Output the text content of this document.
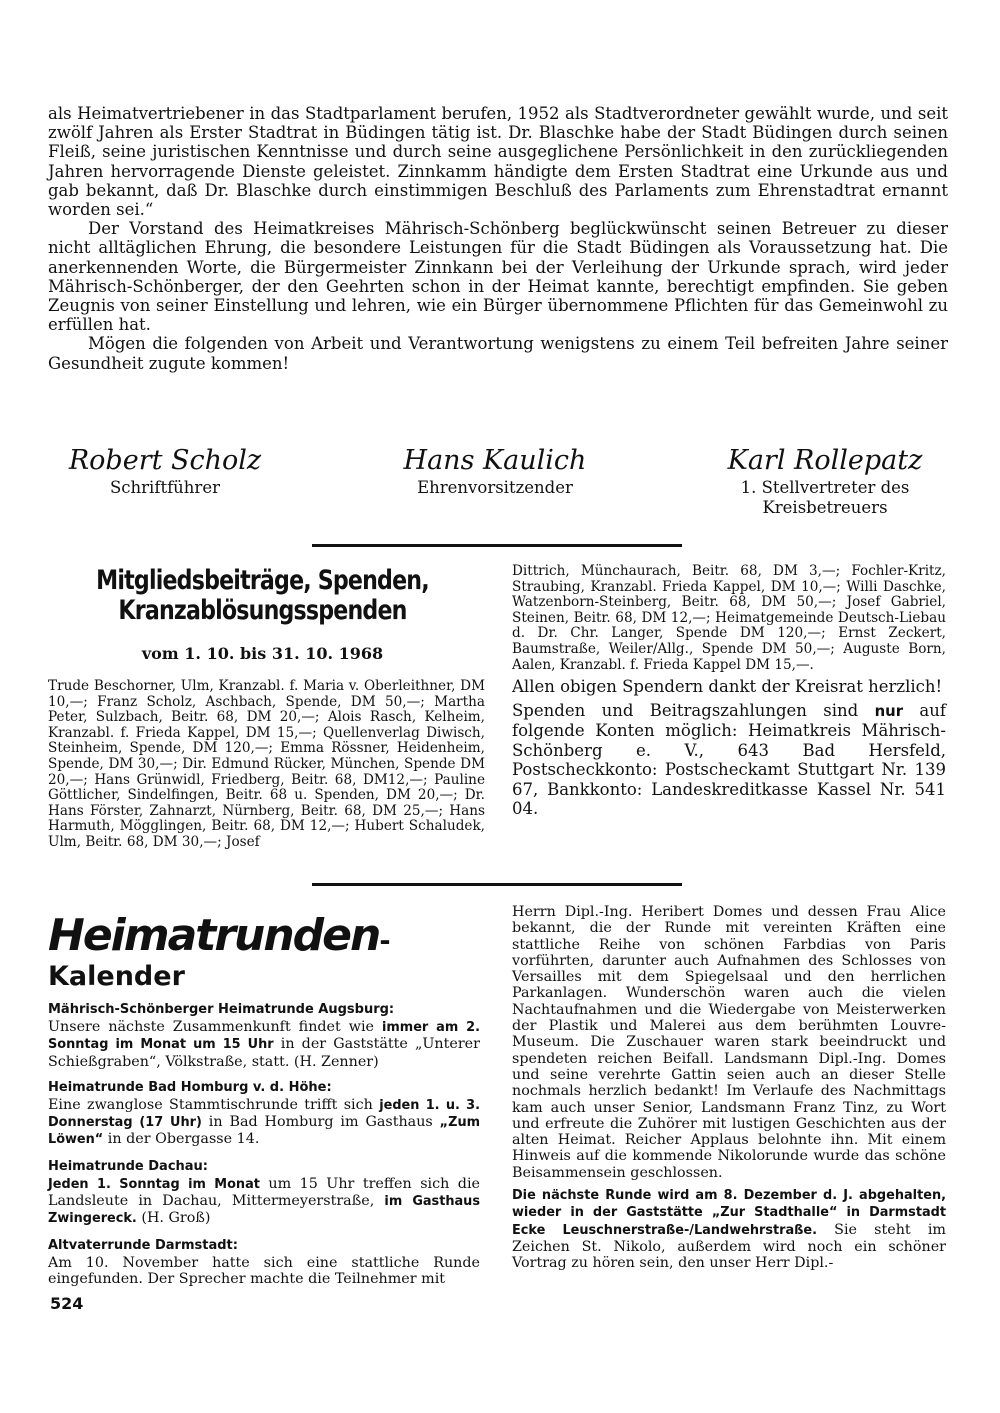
als Heimatvertriebener in das Stadtparlament berufen, 1952 als Stadtverordneter gewählt wurde, und seit zwölf Jahren als Erster Stadtrat in Büdingen tätig ist. Dr. Blaschke habe der Stadt Büdingen durch seinen Fleiß, seine juristischen Kenntnisse und durch seine ausgeglichene Persönlichkeit in den zurückliegenden Jahren hervorragende Dienste geleistet. Zinnkamm händigte dem Ersten Stadtrat eine Urkunde aus und gab bekannt, daß Dr. Blaschke durch einstimmigen Beschluß des Parlaments zum Ehrenstadtrat ernannt worden sei.“

Der Vorstand des Heimatkreises Mährisch-Schönberg beglückwünscht seinen Betreuer zu dieser nicht alltäglichen Ehrung, die besondere Leistungen für die Stadt Büdingen als Voraussetzung hat. Die anerkennenden Worte, die Bürgermeister Zinnkann bei der Verleihung der Urkunde sprach, wird jeder Mährisch-Schönberger, der den Geehrten schon in der Heimat kannte, berechtigt empfinden. Sie geben Zeugnis von seiner Einstellung und lehren, wie ein Bürger übernommene Pflichten für das Gemeinwohl zu erfüllen hat.

Mögen die folgenden von Arbeit und Verantwortung wenigstens zu einem Teil befreiten Jahre seiner Gesundheit zugute kommen!

Robert Scholz
Schriftführer
Hans Kaulich
Ehrenvorsitzender
Karl Rollepatz
1. Stellvertreter des Kreisbetreuers
Mitgliedsbeiträge, Spenden, Kranzablösungsspenden
vom 1. 10. bis 31. 10. 1968

Trude Beschorner, Ulm, Kranzabl. f. Maria v. Oberleithner, DM 10,—; Franz Scholz, Aschbach, Spende, DM 50,—; Martha Peter, Sulzbach, Beitr. 68, DM 20,—; Alois Rasch, Kelheim, Kranzabl. f. Frieda Kappel, DM 15,—; Quellenverlag Diwisch, Steinheim, Spende, DM 120,—; Emma Rössner, Heidenheim, Spende, DM 30,—; Dir. Edmund Rücker, München, Spende DM 20,—; Hans Grünwidl, Friedberg, Beitr. 68, DM12,—; Pauline Göttlicher, Sindelfingen, Beitr. 68 u. Spenden, DM 20,—; Dr. Hans Förster, Zahnarzt, Nürnberg, Beitr. 68, DM 25,—; Hans Harmuth, Mögglingen, Beitr. 68, DM 12,—; Hubert Schaludek, Ulm, Beitr. 68, DM 30,—; Josef

Dittrich, Münchaurach, Beitr. 68, DM 3,—; Fochler-Kritz, Straubing, Kranzabl. Frieda Kappel, DM 10,—; Willi Daschke, Watzenborn-Steinberg, Beitr. 68, DM 50,—; Josef Gabriel, Steinen, Beitr. 68, DM 12,—; Heimatgemeinde Deutsch-Liebau d. Dr. Chr. Langer, Spende DM 120,—; Ernst Zeckert, Baumstraße, Weiler/Allg., Spende DM 50,—; Auguste Born, Aalen, Kranzabl. f. Frieda Kappel DM 15,—.

Allen obigen Spendern dankt der Kreisrat herzlich!

Spenden und Beitragszahlungen sind nur auf folgende Konten möglich: Heimatkreis Mährisch-Schönberg e. V., 643 Bad Hersfeld, Postscheckkonto: Postscheckamt Stuttgart Nr. 139 67, Bankkonto: Landeskreditkasse Kassel Nr. 541 04.

Heimatrunden-Kalender
Mährisch-Schönberger Heimatrunde Augsburg:

Unsere nächste Zusammenkunft findet wie immer am 2. Sonntag im Monat um 15 Uhr in der Gaststätte „Unterer Schießgraben“, Völkstraße, statt. (H. Zenner)

Heimatrunde Bad Homburg v. d. Höhe:

Eine zwanglose Stammtischrunde trifft sich jeden 1. u. 3. Donnerstag (17 Uhr) in Bad Homburg im Gasthaus „Zum Löwen“ in der Obergasse 14.

Heimatrunde Dachau:

Jeden 1. Sonntag im Monat um 15 Uhr treffen sich die Landsleute in Dachau, Mittermeyerstraße, im Gasthaus Zwingereck. (H. Groß)

Altvaterrunde Darmstadt:

Am 10. November hatte sich eine stattliche Runde eingefunden. Der Sprecher machte die Teilnehmer mit

Herrn Dipl.-Ing. Heribert Domes und dessen Frau Alice bekannt, die der Runde mit vereinten Kräften eine stattliche Reihe von schönen Farbdias von Paris vorführten, darunter auch Aufnahmen des Schlosses von Versailles mit dem Spiegelsaal und den herrlichen Parkanlagen. Wunderschön waren auch die vielen Nachtaufnahmen und die Wiedergabe von Meisterwerken der Plastik und Malerei aus dem berühmten Louvre-Museum. Die Zuschauer waren stark beeindruckt und spendeten reichen Beifall. Landsmann Dipl.-Ing. Domes und seine verehrte Gattin seien auch an dieser Stelle nochmals herzlich bedankt! Im Verlaufe des Nachmittags kam auch unser Senior, Landsmann Franz Tinz, zu Wort und erfreute die Zuhörer mit lustigen Geschichten aus der alten Heimat. Reicher Applaus belohnte ihn. Mit einem Hinweis auf die kommende Nikolorunde wurde das schöne Beisammensein geschlossen.

Die nächste Runde wird am 8. Dezember d. J. abgehalten, wieder in der Gaststätte „Zur Stadthalle“ in Darmstadt Ecke Leuschnerstraße-/Landwehrstraße. Sie steht im Zeichen St. Nikolo, außerdem wird noch ein schöner Vortrag zu hören sein, den unser Herr Dipl.-

524
